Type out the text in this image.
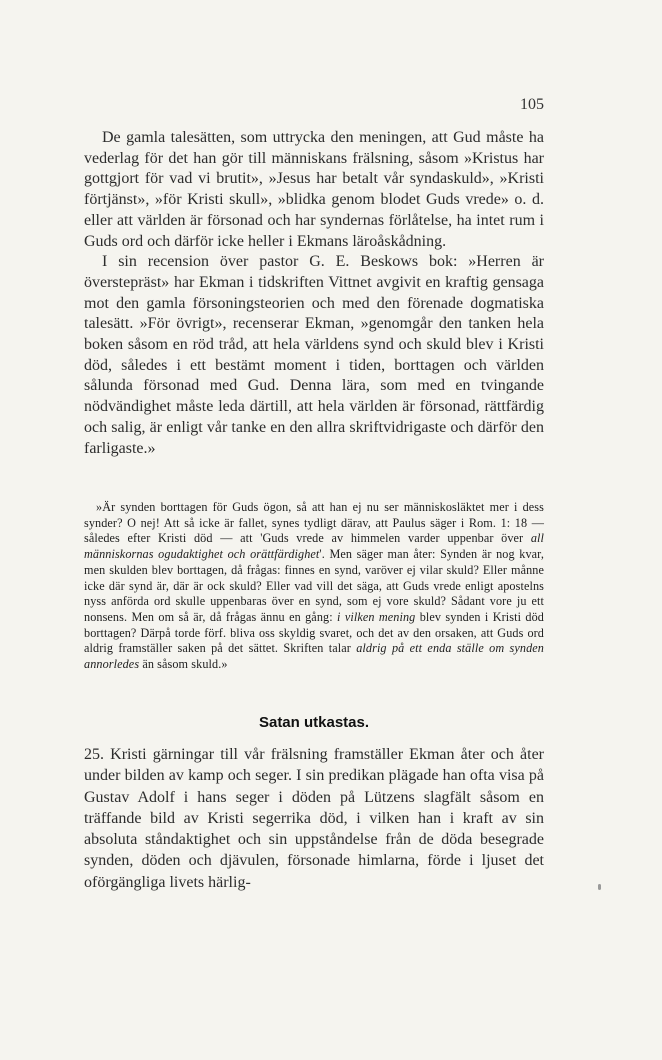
105

De gamla talesätten, som uttrycka den meningen, att Gud måste ha vederlag för det han gör till människans frälsning, såsom »Kristus har gottgjort för vad vi brutit», »Jesus har betalt vår syndaskuld», »Kristi förtjänst», »för Kristi skull», »blidka genom blodet Guds vrede» o. d. eller att världen är försonad och har syndernas förlåtelse, ha intet rum i Guds ord och därför icke heller i Ekmans läroåskådning.

I sin recension över pastor G. E. Beskows bok: »Herren är överstepräst» har Ekman i tidskriften Vittnet avgivit en kraftig gensaga mot den gamla försoningsteorien och med den förenade dogmatiska talesätt. »För övrigt», recenserar Ekman, »genomgår den tanken hela boken såsom en röd tråd, att hela världens synd och skuld blev i Kristi död, således i ett bestämt moment i tiden, borttagen och världen sålunda försonad med Gud. Denna lära, som med en tvingande nödvändighet måste leda därtill, att hela världen är försonad, rättfärdig och salig, är enligt vår tanke en den allra skriftvidrigaste och därför den farligaste.»

»Är synden borttagen för Guds ögon, så att han ej nu ser människosläktet mer i dess synder? O nej! Att så icke är fallet, synes tydligt därav, att Paulus säger i Rom. 1: 18 — således efter Kristi död — att 'Guds vrede av himmelen varder uppenbar över all människornas ogudaktighet och orättfärdighet'. Men säger man åter: Synden är nog kvar, men skulden blev borttagen, då frågas: finnes en synd, varöver ej vilar skuld? Eller månne icke där synd är, där är ock skuld? Eller vad vill det säga, att Guds vrede enligt apostelns nyss anförda ord skulle uppenbaras över en synd, som ej vore skuld? Sådant vore ju ett nonsens. Men om så är, då frågas ännu en gång: i vilken mening blev synden i Kristi död borttagen? Därpå torde förf. bliva oss skyldig svaret, och det av den orsaken, att Guds ord aldrig framställer saken på det sättet. Skriften talar aldrig på ett enda ställe om synden annorledes än såsom skuld.»

Satan utkastas.

25. Kristi gärningar till vår frälsning framställer Ekman åter och åter under bilden av kamp och seger. I sin predikan plägade han ofta visa på Gustav Adolf i hans seger i döden på Lützens slagfält såsom en träffande bild av Kristi segerrika död, i vilken han i kraft av sin absoluta ståndaktighet och sin uppståndelse från de döda besegrade synden, döden och djävulen, försonade himlarna, förde i ljuset det oförgängliga livets härlig-
